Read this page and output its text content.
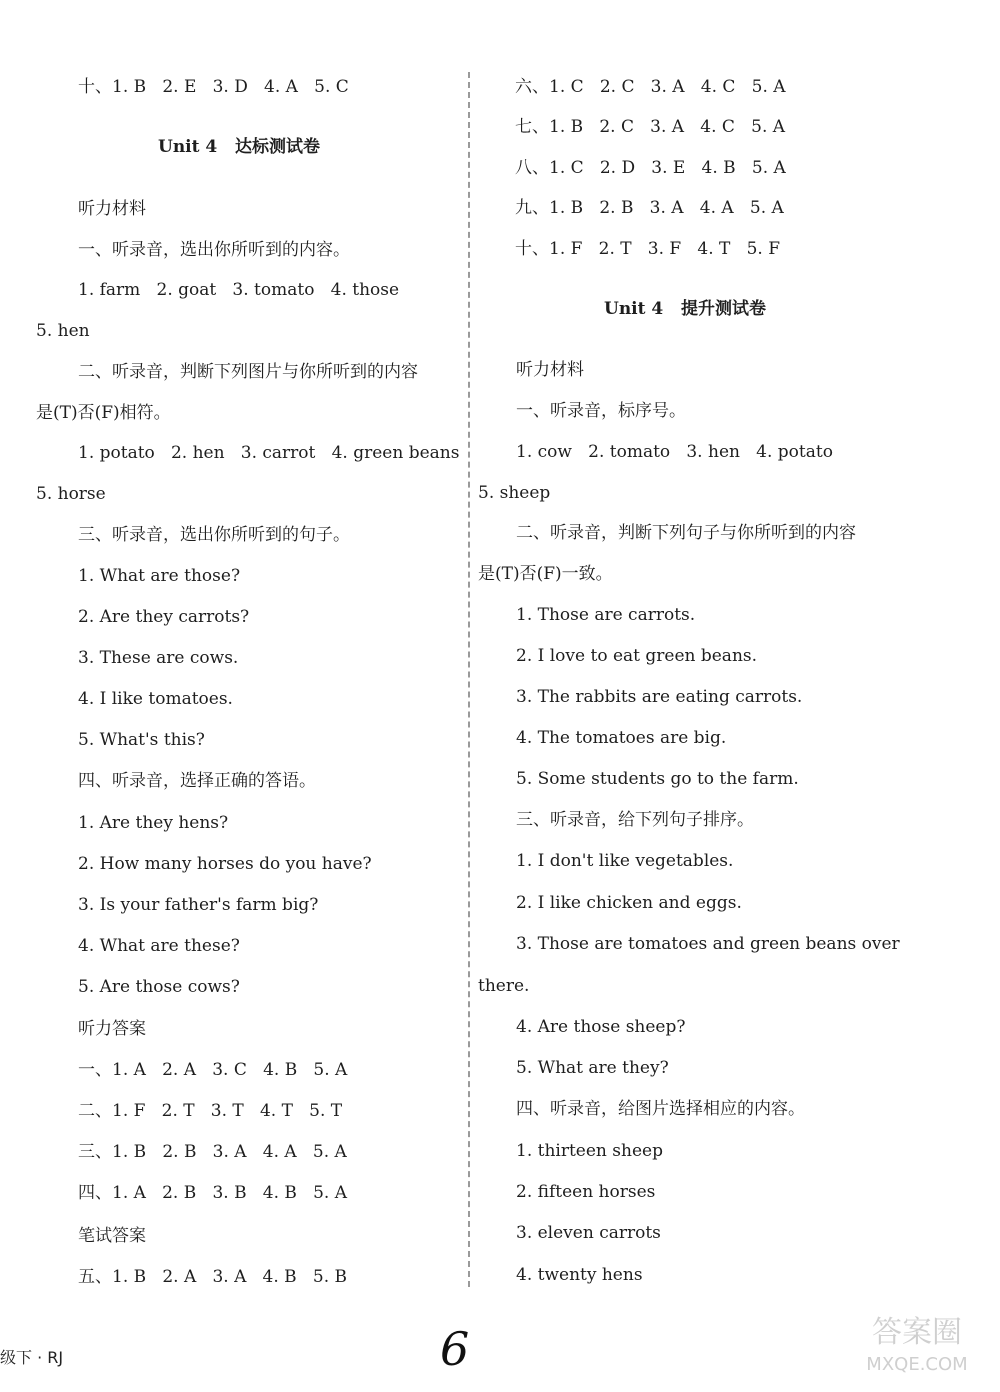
十、1. B   2. E   3. D   4. A   5. C
Unit 4   达标测试卷
听力材料
一、听录音，选出你所听到的内容。
1. farm   2. goat   3. tomato   4. those
5. hen
二、听录音，判断下列图片与你所听到的内容
是(T)否(F)相符。
1. potato   2. hen   3. carrot   4. green beans
5. horse
三、听录音，选出你所听到的句子。
1. What are those?
2. Are they carrots?
3. These are cows.
4. I like tomatoes.
5. What's this?
四、听录音，选择正确的答语。
1. Are they hens?
2. How many horses do you have?
3. Is your father's farm big?
4. What are these?
5. Are those cows?
听力答案
一、1. A   2. A   3. C   4. B   5. A
二、1. F   2. T   3. T   4. T   5. T
三、1. B   2. B   3. A   4. A   5. A
四、1. A   2. B   3. B   4. B   5. A
笔试答案
五、1. B   2. A   3. A   4. B   5. B
六、1. C   2. C   3. A   4. C   5. A
七、1. B   2. C   3. A   4. C   5. A
八、1. C   2. D   3. E   4. B   5. A
九、1. B   2. B   3. A   4. A   5. A
十、1. F   2. T   3. F   4. T   5. F
Unit 4   提升测试卷
听力材料
一、听录音，标序号。
1. cow   2. tomato   3. hen   4. potato
5. sheep
二、听录音，判断下列句子与你所听到的内容
是(T)否(F)一致。
1. Those are carrots.
2. I love to eat green beans.
3. The rabbits are eating carrots.
4. The tomatoes are big.
5. Some students go to the farm.
三、听录音，给下列句子排序。
1. I don't like vegetables.
2. I like chicken and eggs.
3. Those are tomatoes and green beans over
there.
4. Are those sheep?
5. What are they?
四、听录音，给图片选择相应的内容。
1. thirteen sheep
2. fifteen horses
3. eleven carrots
4. twenty hens
级下 · RJ	6	答案圈
MXQE.COM
